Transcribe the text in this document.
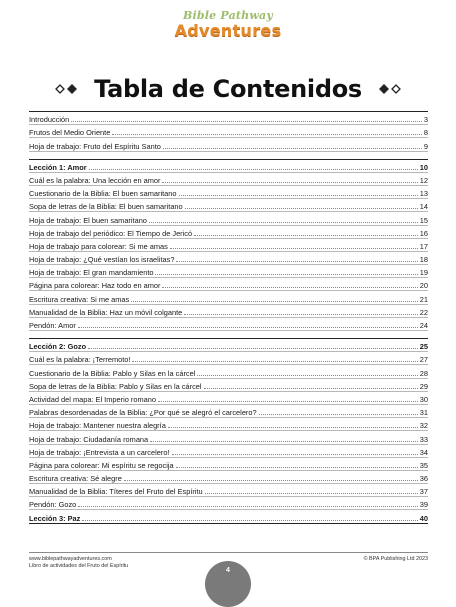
Bible Pathway
Adventures
Tabla de Contenidos
Introducción	3
Frutos del Medio Oriente	8
Hoja de trabajo: Fruto del Espíritu Santo	9
Lección 1: Amor	10
Cuál es la palabra: Una lección en amor	12
Cuestionario de la Biblia: El buen samaritano	13
Sopa de letras de la Biblia: El buen samaritano	14
Hoja de trabajo: El buen samaritano	15
Hoja de trabajo del periódico: El Tiempo de Jericó	16
Hoja de trabajo para colorear: Si me amas	17
Hoja de trabajo: ¿Qué vestían los israelitas?	18
Hoja de trabajo: El gran mandamiento	19
Página para colorear: Haz todo en amor	20
Escritura creativa: Si me amas	21
Manualidad de la Biblia: Haz un móvil colgante	22
Pendón: Amor	24
Lección 2: Gozo	25
Cuál es la palabra: ¡Terremoto!	27
Cuestionario de la Biblia: Pablo y Silas en la cárcel	28
Sopa de letras de la Biblia: Pablo y Silas en la cárcel	29
Actividad del mapa: El Imperio romano	30
Palabras desordenadas de la Biblia: ¿Por qué se alegró el carcelero?	31
Hoja de trabajo: Mantener nuestra alegría	32
Hoja de trabajo: Ciudadanía romana	33
Hoja de trabajo: ¡Entrevista a un carcelero!	34
Página para colorear: Mi espíritu se regocija	35
Escritura creativa: Sé alegre	36
Manualidad de la Biblia: Títeres del Fruto del Espíritu	37
Pendón: Gozo	39
Lección 3: Paz	40
www.biblepathwayadventures.com
Libro de actividades del Fruto del Espíritu
© BPA Publishing Ltd 2023
4
